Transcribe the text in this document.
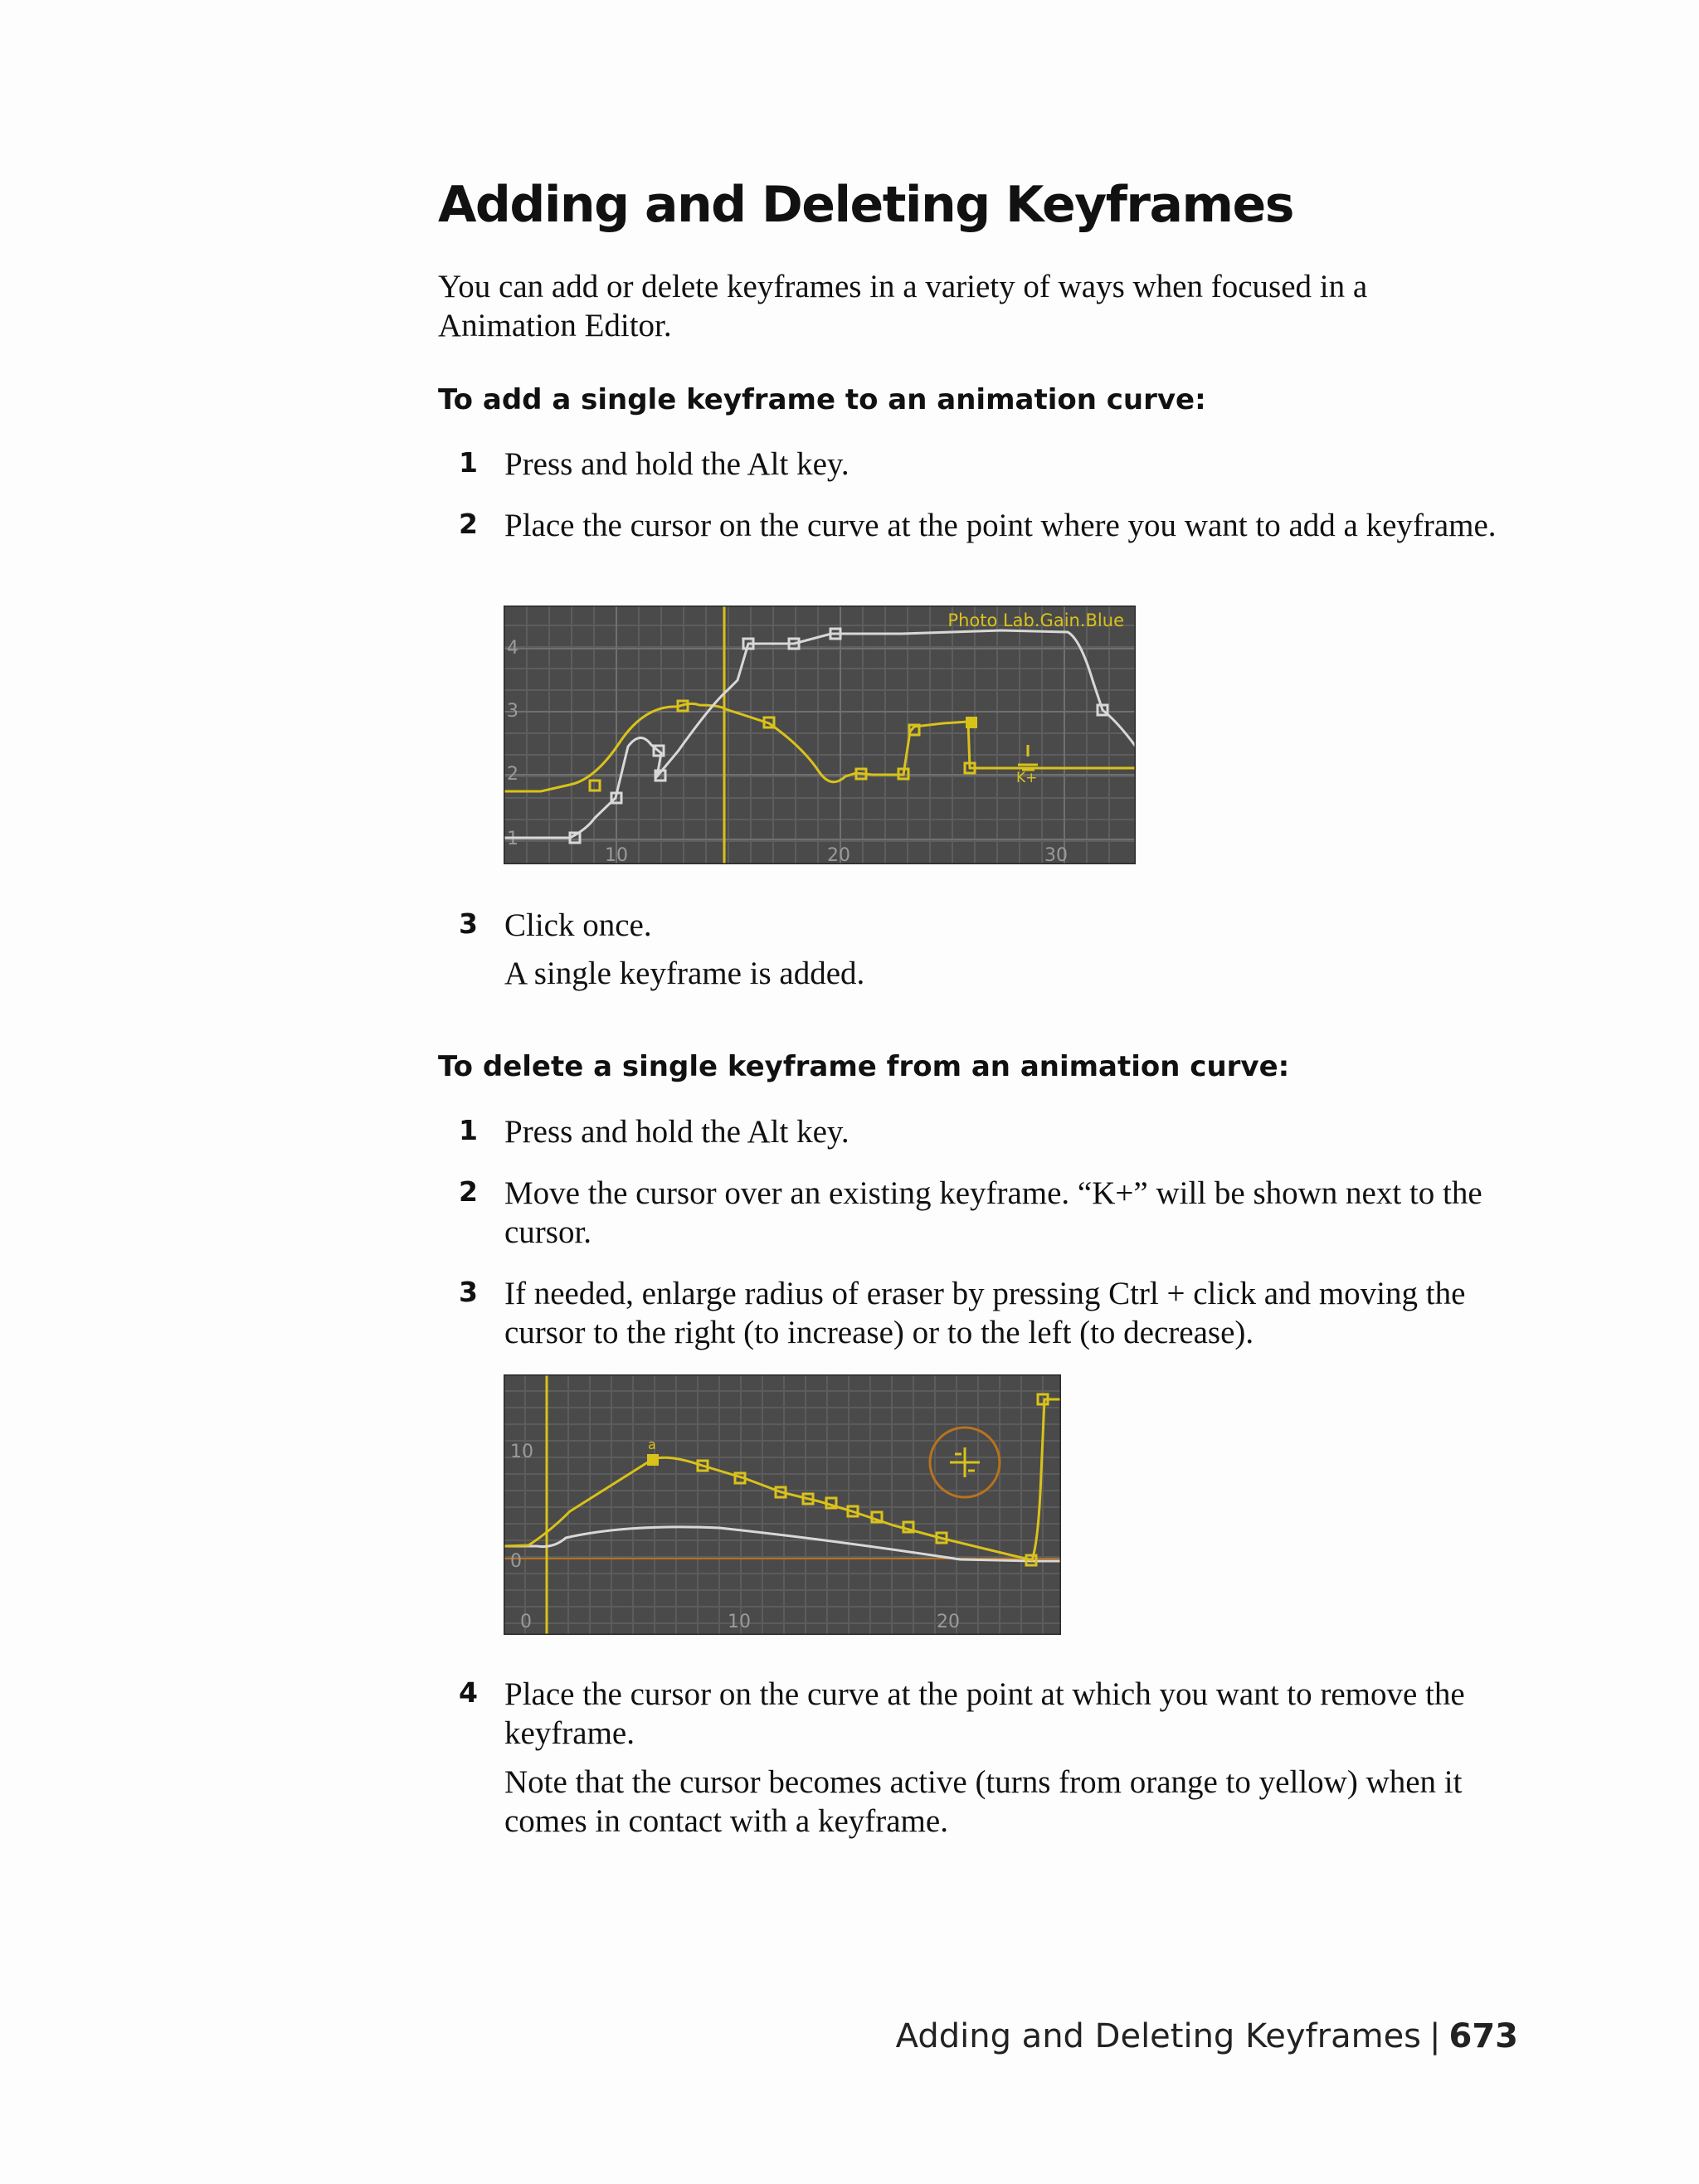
Adding and Deleting Keyframes

You can add or delete keyframes in a variety of ways when focused in a Animation Editor.

To add a single keyframe to an animation curve:

1 Press and hold the Alt key.
2 Place the cursor on the curve at the point where you want to add a keyframe.
4
3
2
1
10	20	30
Photo Lab.Gain.Blue
K+
3 Click once.

A single keyframe is added.

To delete a single keyframe from an animation curve:

1 Press and hold the Alt key.
2 Move the cursor over an existing keyframe. “K+” will be shown next to the cursor.
3 If needed, enlarge radius of eraser by pressing Ctrl + click and moving the cursor to the right (to increase) or to the left (to decrease).
10
0
0	10	20
a
4 Place the cursor on the curve at the point at which you want to remove the keyframe.

Note that the cursor becomes active (turns from orange to yellow) when it comes in contact with a keyframe.

Adding and Deleting Keyframes | 673
